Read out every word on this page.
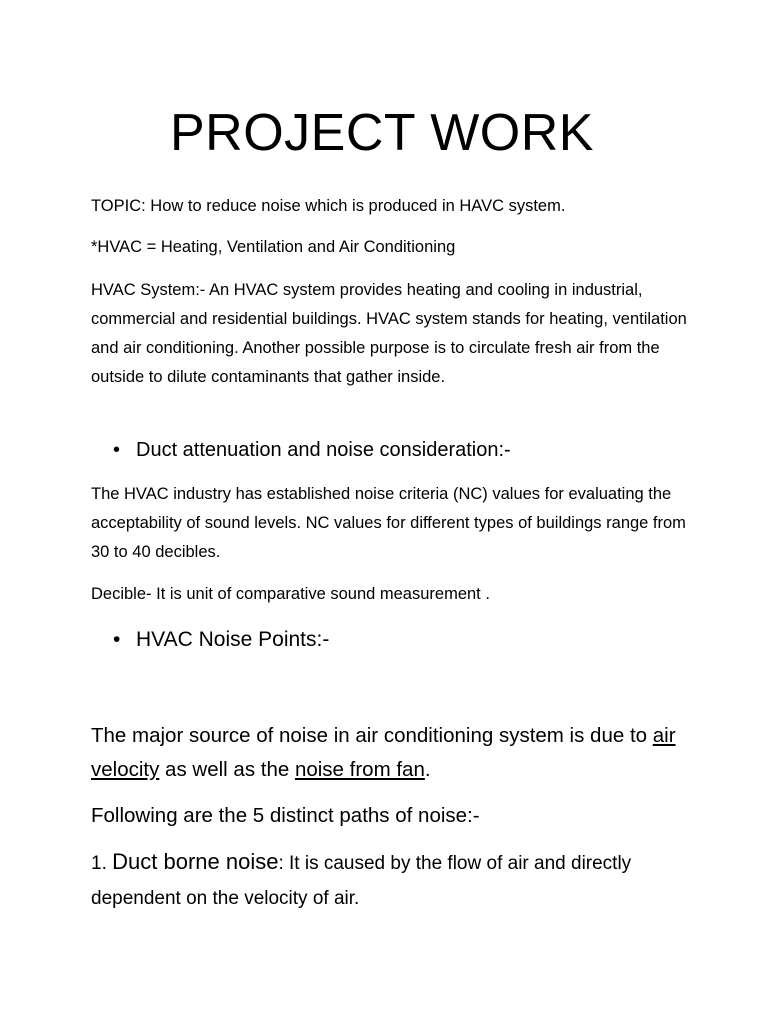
PROJECT WORK

TOPIC: How to reduce noise which is produced in HAVC system.

*HVAC = Heating, Ventilation and Air Conditioning

HVAC System:- An HVAC system provides heating and cooling in industrial, commercial and residential buildings. HVAC system stands for heating, ventilation and air conditioning. Another possible purpose is to circulate fresh air from the outside to dilute contaminants that gather inside.

• Duct attenuation and noise consideration:-

The HVAC industry has established noise criteria (NC) values for evaluating the acceptability of sound levels. NC values for different types of buildings range from 30 to 40 decibles.

Decible- It is unit of comparative sound measurement .

• HVAC Noise Points:-

The major source of noise in air conditioning system is due to air velocity as well as the noise from fan.

Following are the 5 distinct paths of noise:-

1. Duct borne noise: It is caused by the flow of air and directly dependent on the velocity of air.
